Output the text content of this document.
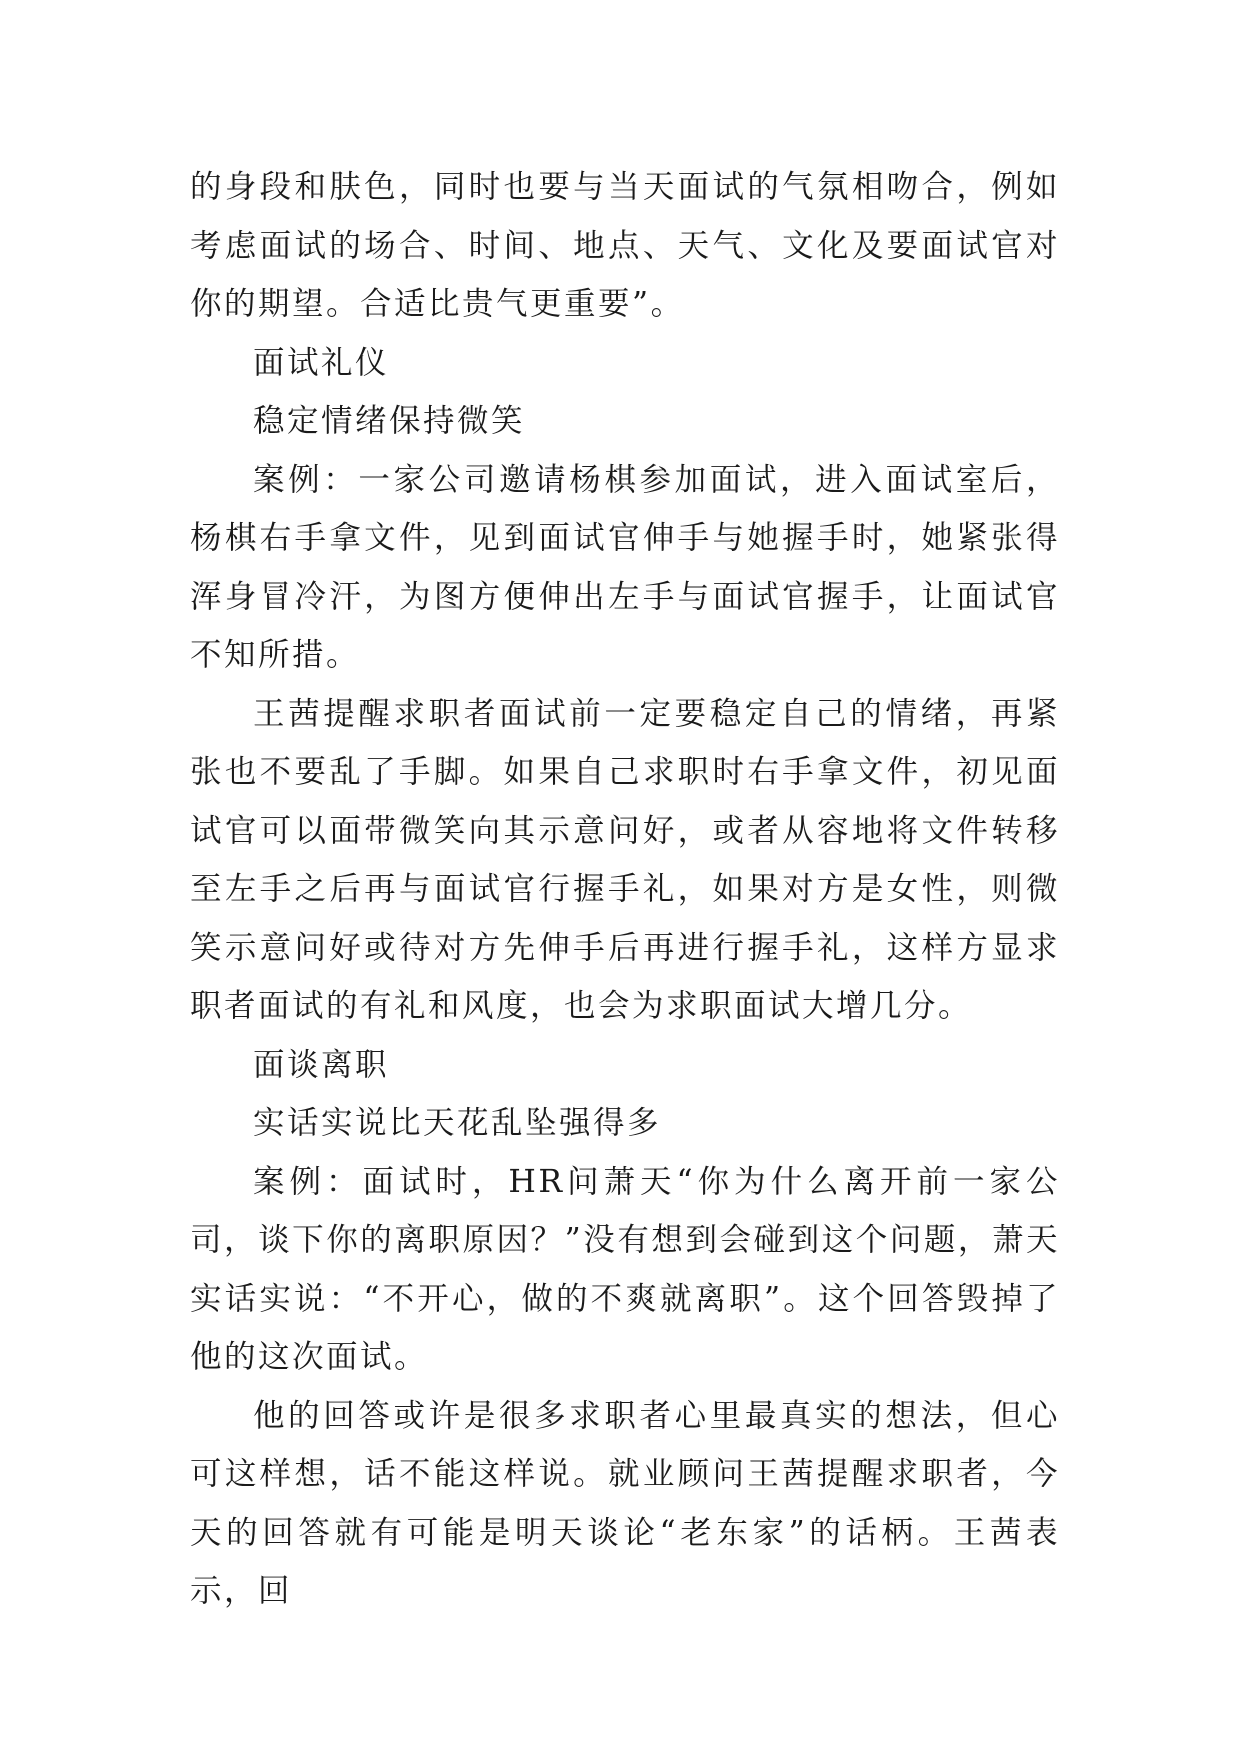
的身段和肤色，同时也要与当天面试的气氛相吻合，例如考虑面试的场合、时间、地点、天气、文化及要面试官对你的期望。合适比贵气更重要”。

面试礼仪

稳定情绪保持微笑

案例：一家公司邀请杨棋参加面试，进入面试室后，杨棋右手拿文件，见到面试官伸手与她握手时，她紧张得浑身冒冷汗，为图方便伸出左手与面试官握手，让面试官不知所措。

王茜提醒求职者面试前一定要稳定自己的情绪，再紧张也不要乱了手脚。如果自己求职时右手拿文件，初见面试官可以面带微笑向其示意问好，或者从容地将文件转移至左手之后再与面试官行握手礼，如果对方是女性，则微笑示意问好或待对方先伸手后再进行握手礼，这样方显求职者面试的有礼和风度，也会为求职面试大增几分。

面谈离职

实话实说比天花乱坠强得多

案例：面试时，HR问萧天“你为什么离开前一家公司，谈下你的离职原因？”没有想到会碰到这个问题，萧天实话实说：“不开心，做的不爽就离职”。这个回答毁掉了他的这次面试。

他的回答或许是很多求职者心里最真实的想法，但心可这样想，话不能这样说。就业顾问王茜提醒求职者，今天的回答就有可能是明天谈论“老东家”的话柄。王茜表示，回
